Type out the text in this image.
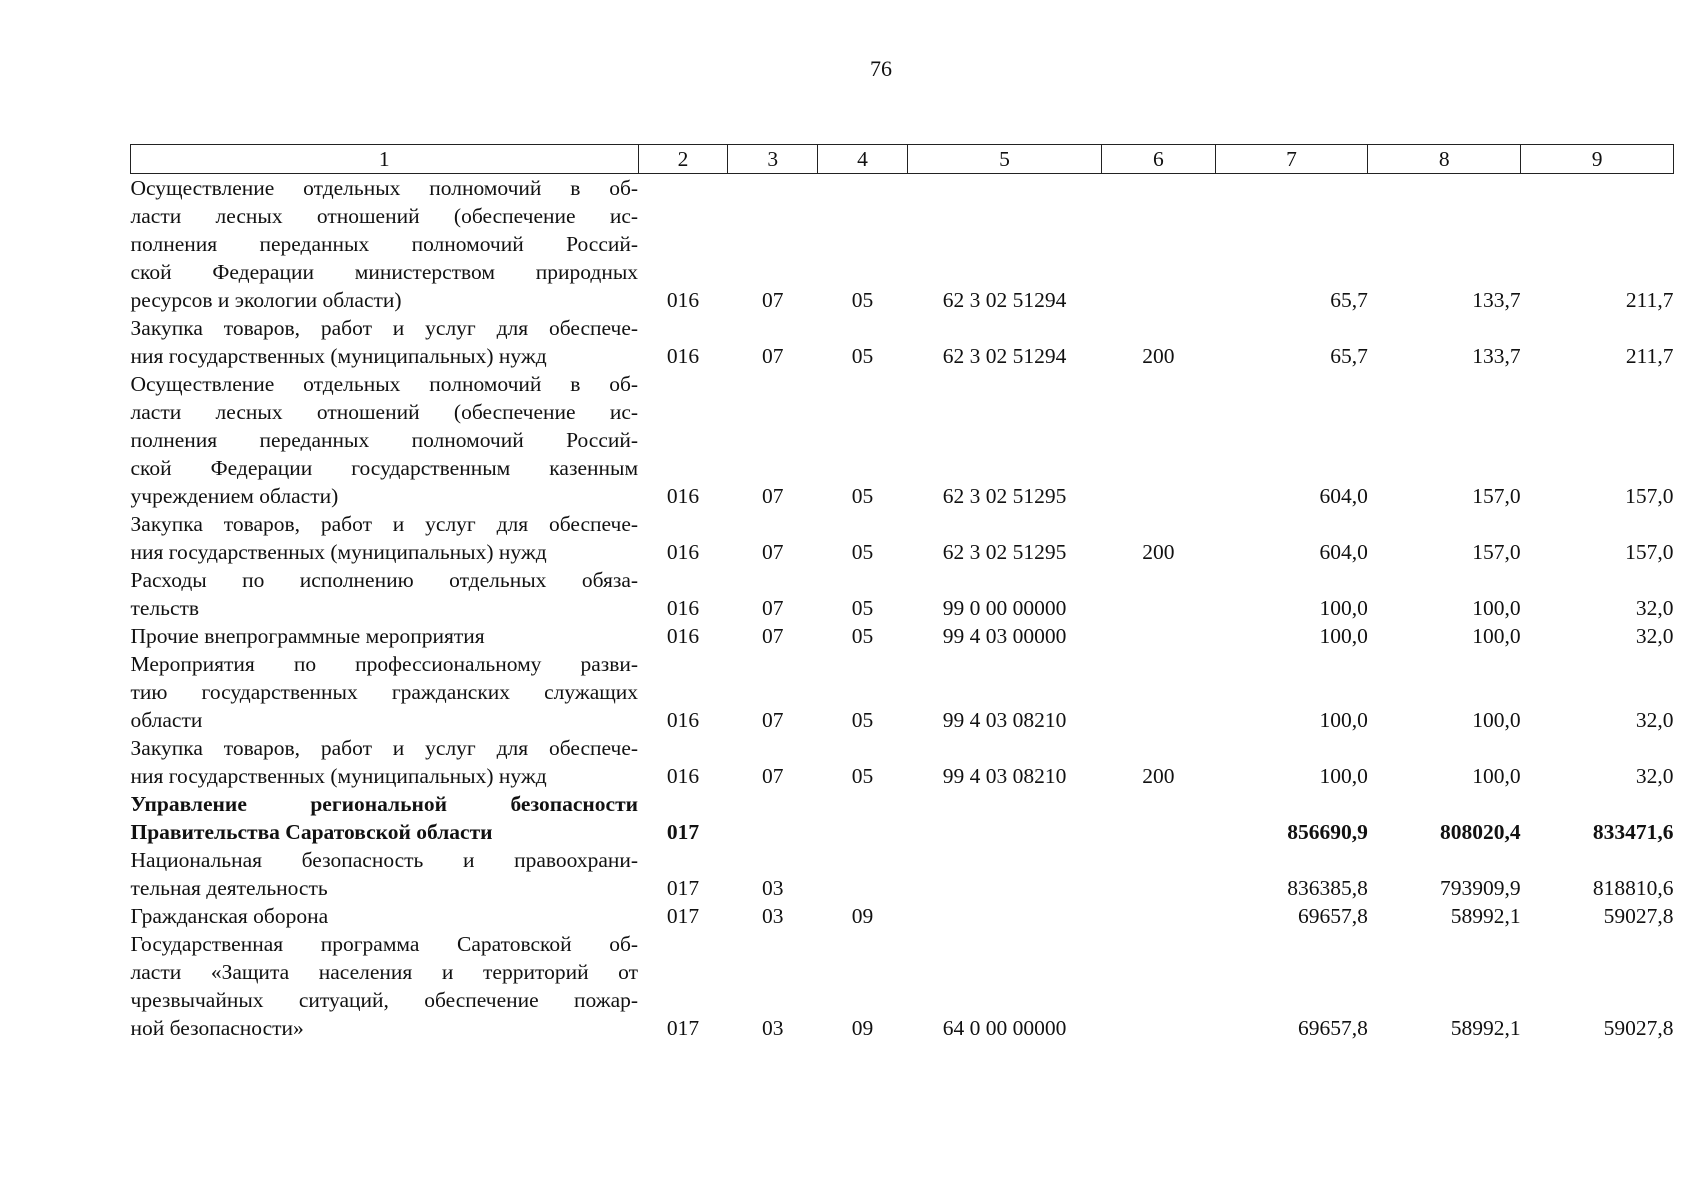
76
1	2	3	4	5	6	7	8	9

Осуществление отдельных полномочий в об-
ласти лесных отношений (обеспечение ис-
полнения переданных полномочий Россий-
ской Федерации министерством природных
ресурсов и экологии области)	016	07	05	62 3 02 51294		65,7	133,7	211,7

Закупка товаров, работ и услуг для обеспече-
ния государственных (муниципальных) нужд	016	07	05	62 3 02 51294	200	65,7	133,7	211,7

Осуществление отдельных полномочий в об-
ласти лесных отношений (обеспечение ис-
полнения переданных полномочий Россий-
ской Федерации государственным казенным
учреждением области)	016	07	05	62 3 02 51295		604,0	157,0	157,0

Закупка товаров, работ и услуг для обеспече-
ния государственных (муниципальных) нужд	016	07	05	62 3 02 51295	200	604,0	157,0	157,0

Расходы по исполнению отдельных обяза-
тельств	016	07	05	99 0 00 00000		100,0	100,0	32,0

Прочие внепрограммные мероприятия	016	07	05	99 4 03 00000		100,0	100,0	32,0

Мероприятия по профессиональному разви-
тию государственных гражданских служащих
области	016	07	05	99 4 03 08210		100,0	100,0	32,0

Закупка товаров, работ и услуг для обеспече-
ния государственных (муниципальных) нужд	016	07	05	99 4 03 08210	200	100,0	100,0	32,0

Управление региональной безопасности
Правительства Саратовской области	017					856690,9	808020,4	833471,6

Национальная безопасность и правоохрани-
тельная деятельность	017	03				836385,8	793909,9	818810,6

Гражданская оборона	017	03	09			69657,8	58992,1	59027,8

Государственная программа Саратовской об-
ласти «Защита населения и территорий от
чрезвычайных ситуаций, обеспечение пожар-
ной безопасности»	017	03	09	64 0 00 00000		69657,8	58992,1	59027,8
